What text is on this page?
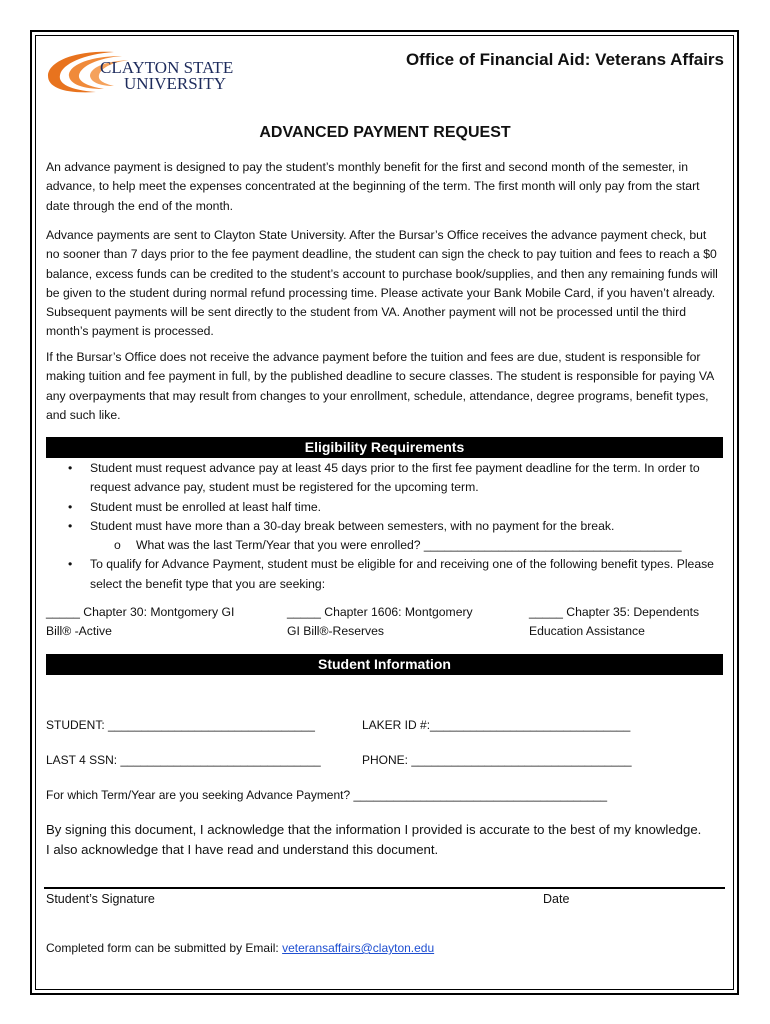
CLAYTON STATE
UNIVERSITY
Office of Financial Aid: Veterans Affairs
ADVANCED PAYMENT REQUEST
An advance payment is designed to pay the student’s monthly benefit for the first and second month of the semester, in advance, to help meet the expenses concentrated at the beginning of the term. The first month will only pay from the start date through the end of the month.
Advance payments are sent to Clayton State University. After the Bursar’s Office receives the advance payment check, but no sooner than 7 days prior to the fee payment deadline, the student can sign the check to pay tuition and fees to reach a $0 balance, excess funds can be credited to the student’s account to purchase book/supplies, and then any remaining funds will be given to the student during normal refund processing time. Please activate your Bank Mobile Card, if you haven’t already. Subsequent payments will be sent directly to the student from VA. Another payment will not be processed until the third month’s payment is processed.
If the Bursar’s Office does not receive the advance payment before the tuition and fees are due, student is responsible for making tuition and fee payment in full, by the published deadline to secure classes. The student is responsible for paying VA any overpayments that may result from changes to your enrollment, schedule, attendance, degree programs, benefit types, and such like.
Eligibility Requirements
• Student must request advance pay at least 45 days prior to the first fee payment deadline for the term. In order to request advance pay, student must be registered for the upcoming term.
• Student must be enrolled at least half time.
• Student must have more than a 30-day break between semesters, with no payment for the break.
o What was the last Term/Year that you were enrolled? ______________________________________
• To qualify for Advance Payment, student must be eligible for and receiving one of the following benefit types. Please select the benefit type that you are seeking:
_____ Chapter 30: Montgomery GI
Bill® -Active
_____ Chapter 1606: Montgomery
GI Bill®-Reserves
_____ Chapter 35: Dependents
Education Assistance
Student Information
STUDENT: _______________________________	LAKER ID #:______________________________
LAST 4 SSN: ______________________________	PHONE: _________________________________
For which Term/Year are you seeking Advance Payment? ______________________________________
By signing this document, I acknowledge that the information I provided is accurate to the best of my knowledge. I also acknowledge that I have read and understand this document.
Student’s Signature	Date
Completed form can be submitted by Email: veteransaffairs@clayton.edu
